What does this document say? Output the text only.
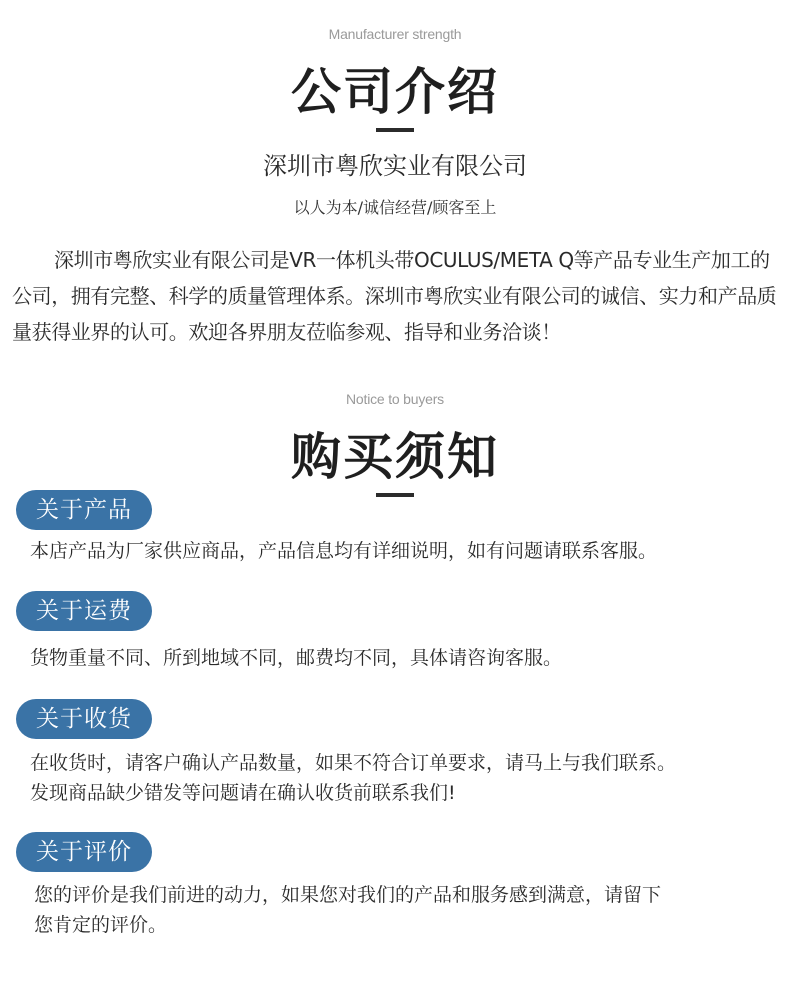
Manufacturer strength
公司介绍
深圳市粤欣实业有限公司
以人为本/诚信经营/顾客至上

深圳市粤欣实业有限公司是VR一体机头带OCULUS/META Q等产品专业生产加工的公司，拥有完整、科学的质量管理体系。深圳市粤欣实业有限公司的诚信、实力和产品质量获得业界的认可。欢迎各界朋友莅临参观、指导和业务洽谈！

Notice to buyers
购买须知
关于产品

本店产品为厂家供应商品，产品信息均有详细说明，如有问题请联系客服。

关于运费

货物重量不同、所到地域不同，邮费均不同，具体请咨询客服。

关于收货

在收货时，请客户确认产品数量，如果不符合订单要求，请马上与我们联系。
发现商品缺少错发等问题请在确认收货前联系我们!

关于评价

您的评价是我们前进的动力，如果您对我们的产品和服务感到满意，请留下
您肯定的评价。
